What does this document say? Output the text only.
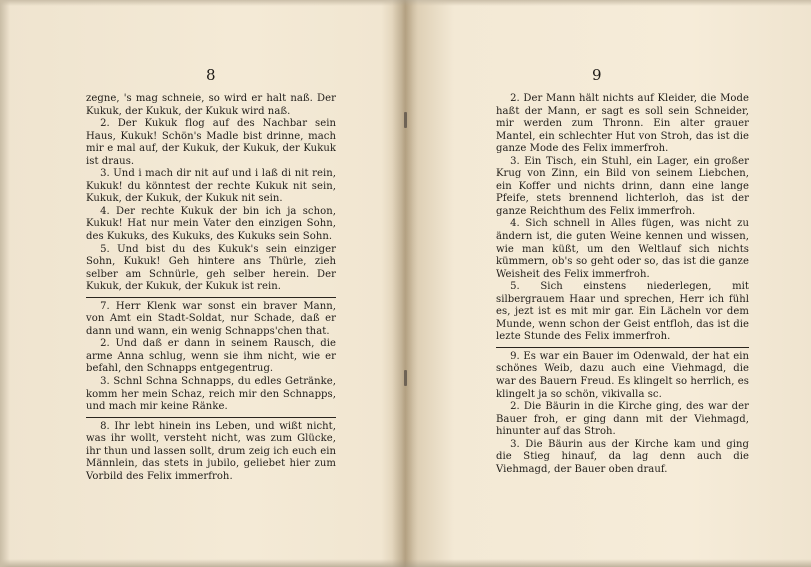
8	9

zegne, 's mag schneie, so wird er halt naß. Der Kukuk, der Kukuk, der Kukuk wird naß.

2. Der Kukuk flog auf des Nachbar sein Haus, Kukuk! Schön's Madle bist drinne, mach mir e mal auf, der Kukuk, der Kukuk, der Kukuk ist draus.

3. Und i mach dir nit auf und i laß di nit rein, Kukuk! du könntest der rechte Kukuk nit sein, Kukuk, der Kukuk, der Kukuk nit sein.

4. Der rechte Kukuk der bin ich ja schon, Kukuk! Hat nur mein Vater den einzigen Sohn, des Kukuks, des Kukuks, des Kukuks sein Sohn.

5. Und bist du des Kukuk's sein einziger Sohn, Kukuk! Geh hintere ans Thürle, zieh selber am Schnürle, geh selber herein. Der Kukuk, der Kukuk, der Kukuk ist rein.

7. Herr Klenk war sonst ein braver Mann, von Amt ein Stadt-Soldat, nur Schade, daß er dann und wann, ein wenig Schnapps'chen that.

2. Und daß er dann in seinem Rausch, die arme Anna schlug, wenn sie ihm nicht, wie er befahl, den Schnapps entgegentrug.

3. Schnl Schna Schnapps, du edles Getränke, komm her mein Schaz, reich mir den Schnapps, und mach mir keine Ränke.

8. Ihr lebt hinein ins Leben, und wißt nicht, was ihr wollt, versteht nicht, was zum Glücke, ihr thun und lassen sollt, drum zeig ich euch ein Männlein, das stets in jubilo, geliebet hier zum Vorbild des Felix immerfroh.

2. Der Mann hält nichts auf Kleider, die Mode haßt der Mann, er sagt es soll sein Schneider, mir werden zum Thronn. Ein alter grauer Mantel, ein schlechter Hut von Stroh, das ist die ganze Mode des Felix immerfroh.

3. Ein Tisch, ein Stuhl, ein Lager, ein großer Krug von Zinn, ein Bild von seinem Liebchen, ein Koffer und nichts drinn, dann eine lange Pfeife, stets brennend lichterloh, das ist der ganze Reichthum des Felix immerfroh.

4. Sich schnell in Alles fügen, was nicht zu ändern ist, die guten Weine kennen und wissen, wie man küßt, um den Weltlauf sich nichts kümmern, ob's so geht oder so, das ist die ganze Weisheit des Felix immerfroh.

5. Sich einstens niederlegen, mit silbergrauem Haar und sprechen, Herr ich fühl es, jezt ist es mit mir gar. Ein Lächeln vor dem Munde, wenn schon der Geist entfloh, das ist die lezte Stunde des Felix immerfroh.

9. Es war ein Bauer im Odenwald, der hat ein schönes Weib, dazu auch eine Viehmagd, die war des Bauern Freud. Es klingelt so herrlich, es klingelt ja so schön, vikivalla sc.

2. Die Bäurin in die Kirche ging, des war der Bauer froh, er ging dann mit der Viehmagd, hinunter auf das Stroh.

3. Die Bäurin aus der Kirche kam und ging die Stieg hinauf, da lag denn auch die Viehmagd, der Bauer oben drauf.
